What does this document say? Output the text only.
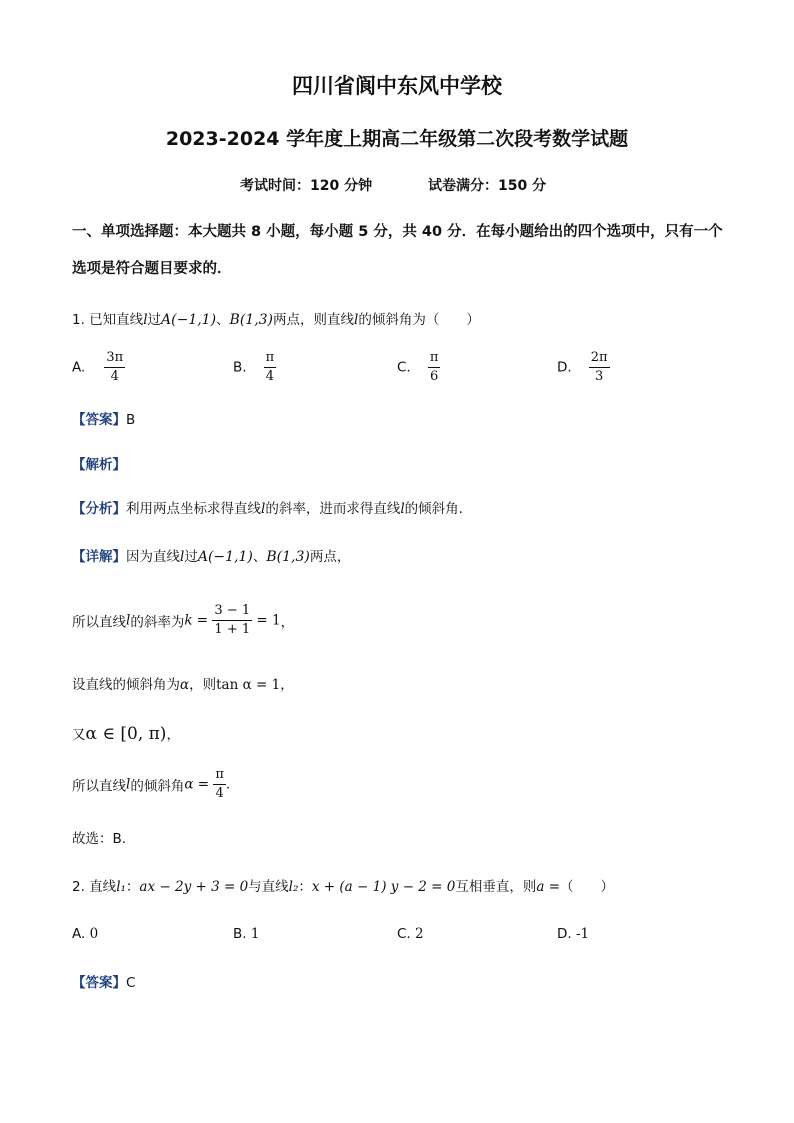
四川省阆中东风中学校
2023-2024 学年度上期高二年级第二次段考数学试题
考试时间：120 分钟	试卷满分：150 分
一、单项选择题：本大题共 8 小题，每小题 5 分，共 40 分．在每小题给出的四个选项中，只有一个选项是符合题目要求的．
1. 已知直线l过A(−1,1)、B(1,3)两点，则直线l的倾斜角为（　　）
A. $\frac{3\pi}{4}$	B. $\frac{\pi}{4}$	C. $\frac{\pi}{6}$	D. $\frac{2\pi}{3}$
【答案】B
【解析】
【分析】利用两点坐标求得直线l的斜率，进而求得直线l的倾斜角.
【详解】因为直线l过A(−1,1)、B(1,3)两点，
所以直线l的斜率为$k = \frac{3 - 1}{1 + 1} = 1$，
设直线的倾斜角为α，则tan α = 1，
又α ∈ [0, π)，
所以直线l的倾斜角$\alpha = \frac{\pi}{4}$ .
故选：B.
2. 直线l₁：ax − 2y + 3 = 0与直线l₂：x + (a − 1) y − 2 = 0互相垂直，则a =（　　）
A. 0	B. 1	C. 2	D. -1
【答案】C
